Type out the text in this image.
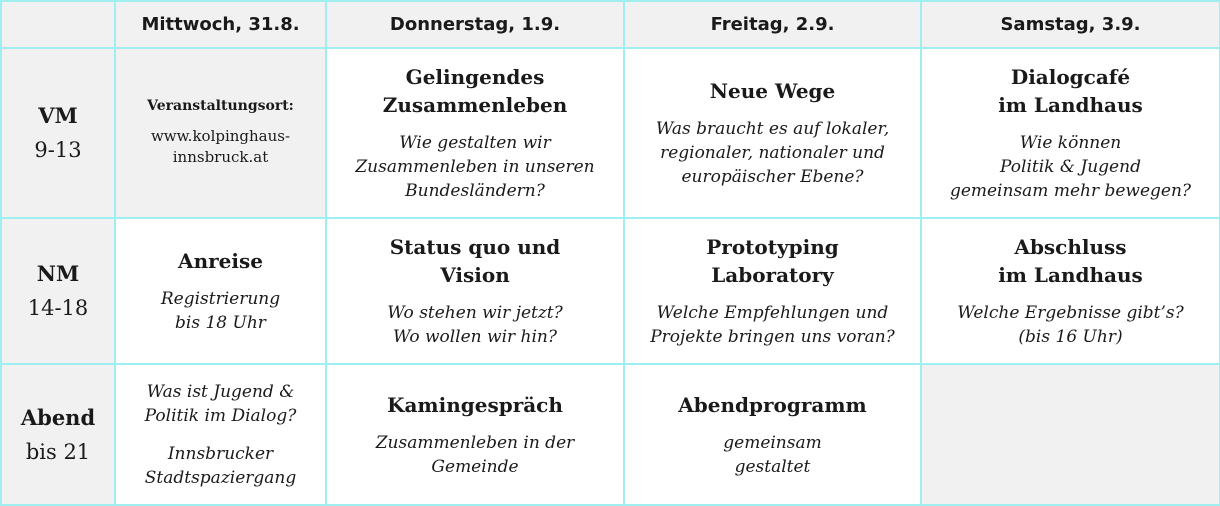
	Mittwoch, 31.8.	Donnerstag, 1.9.	Freitag, 2.9.	Samstag, 3.9.

VM
9-13	Veranstaltungsort:
www.kolpinghaus-
innsbruck.at	Gelingendes
Zusammenleben
Wie gestalten wir
Zusammenleben in unseren
Bundesländern?	Neue Wege
Was braucht es auf lokaler,
regionaler, nationaler und
europäischer Ebene?	Dialogcafé
im Landhaus
Wie können
Politik & Jugend
gemeinsam mehr bewegen?

NM
14-18	Anreise
Registrierung
bis 18 Uhr	Status quo und
Vision
Wo stehen wir jetzt?
Wo wollen wir hin?	Prototyping
Laboratory
Welche Empfehlungen und
Projekte bringen uns voran?	Abschluss
im Landhaus
Welche Ergebnisse gibt’s?
(bis 16 Uhr)

Abend
bis 21	Was ist Jugend &
Politik im Dialog?
Innsbrucker
Stadtspaziergang	Kamingespräch
Zusammenleben in der
Gemeinde	Abendprogramm
gemeinsam
gestaltet	
